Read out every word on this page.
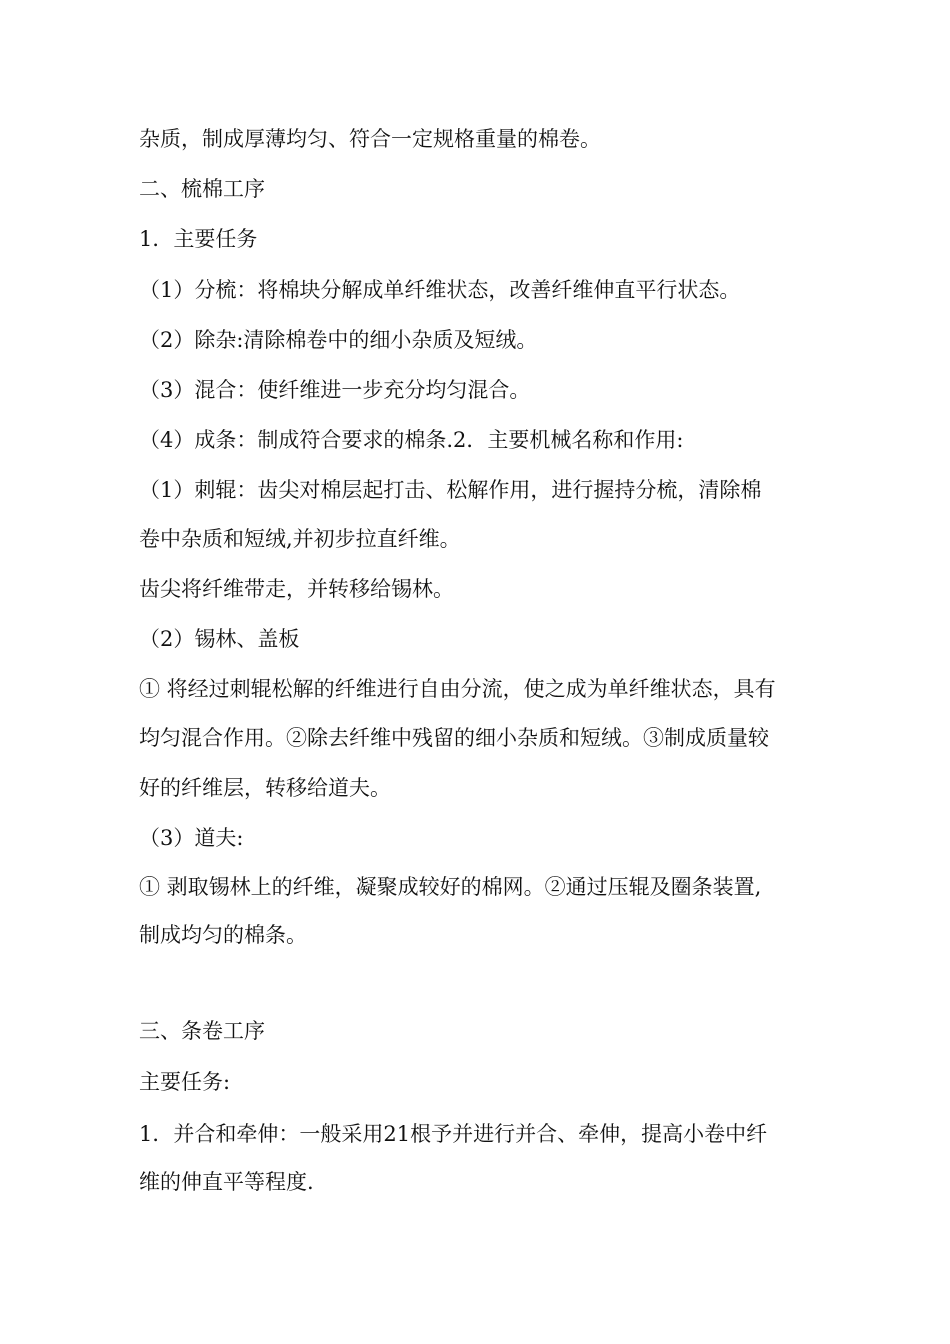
杂质，制成厚薄均匀、符合一定规格重量的棉卷。
二、梳棉工序
1．主要任务
（1）分梳：将棉块分解成单纤维状态，改善纤维伸直平行状态。
（2）除杂:清除棉卷中的细小杂质及短绒。
（3）混合：使纤维进一步充分均匀混合。
（4）成条：制成符合要求的棉条.2．主要机械名称和作用:
（1）刺辊：齿尖对棉层起打击、松解作用，进行握持分梳，清除棉
卷中杂质和短绒,并初步拉直纤维。
齿尖将纤维带走，并转移给锡林。
（2）锡林、盖板
① 将经过刺辊松解的纤维进行自由分流，使之成为单纤维状态，具有
均匀混合作用。②除去纤维中残留的细小杂质和短绒。③制成质量较
好的纤维层，转移给道夫。
（3）道夫:
① 剥取锡林上的纤维，凝聚成较好的棉网。②通过压辊及圈条装置,
制成均匀的棉条。
三、条卷工序
主要任务:
1．并合和牵伸：一般采用21根予并进行并合、牵伸，提高小卷中纤
维的伸直平等程度.
